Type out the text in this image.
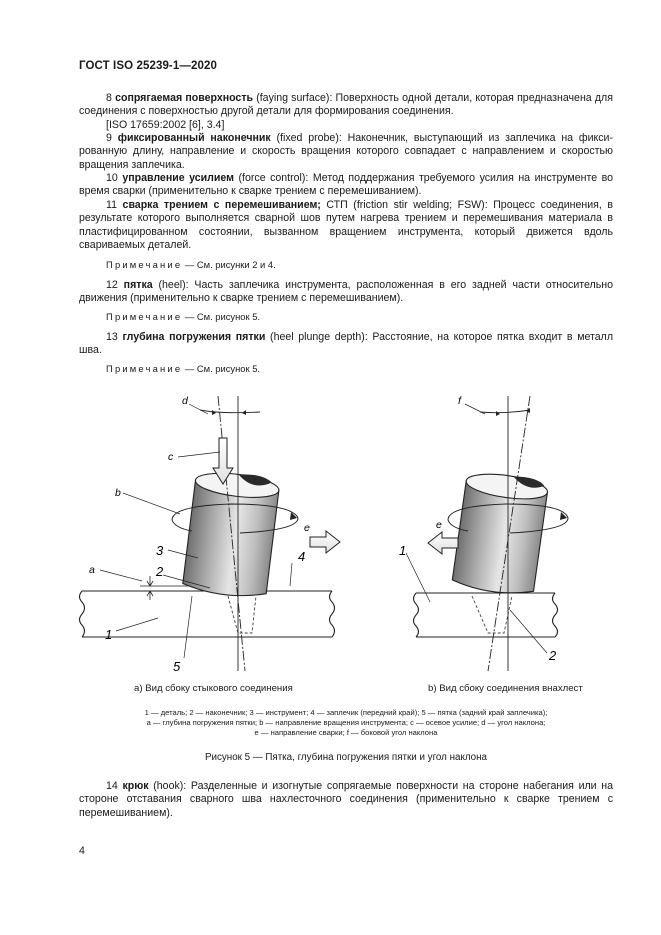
ГОСТ ISO 25239-1—2020

8 сопрягаемая поверхность (faying surface): Поверхность одной детали, которая предназначена для соединения с поверхностью другой детали для формирования соединения.

[ISO 17659:2002 [6], 3.4]

9 фиксированный наконечник (fixed probe): Наконечник, выступающий из заплечика на фикси- рованную длину, направление и скорость вращения которого совпадает с направлением и скоростью вращения заплечика.

10 управление усилием (force control): Метод поддержания требуемого усилия на инструменте во время сварки (применительно к сварке трением с перемешиванием).

11 сварка трением с перемешиванием; СТП (friction stir welding; FSW): Процесс соединения, в результате которого выполняется сварной шов путем нагрева трением и перемешивания материала в пластифицированном состоянии, вызванном вращением инструмента, который движется вдоль свариваемых деталей.

Примечание — См. рисунки 2 и 4.

12 пятка (heel): Часть заплечика инструмента, расположенная в его задней части относительно движения (применительно к сварке трением с перемешиванием).

Примечание — См. рисунок 5.

13 глубина погружения пятки (heel plunge depth): Расстояние, на которое пятка входит в металл шва.

Примечание — См. рисунок 5.

d
c
b
e
a
1
2
3	4
5
f
e
1
2
а) Вид сбоку стыкового соединения	b) Вид сбоку соединения внахлест

1 — деталь; 2 — наконечник; 3 — инструмент; 4 — заплечик (передний край); 5 — пятка (задний край заплечика);

a — глубина погружения пятки; b — направление вращения инструмента; c — осевое усилие; d — угол наклона;

e — направление сварки; f — боковой угол наклона

Рисунок 5 — Пятка, глубина погружения пятки и угол наклона

14 крюк (hook): Разделенные и изогнутые сопрягаемые поверхности на стороне набегания или на стороне отставания сварного шва нахлесточного соединения (применительно к сварке трением с перемешиванием).

4
